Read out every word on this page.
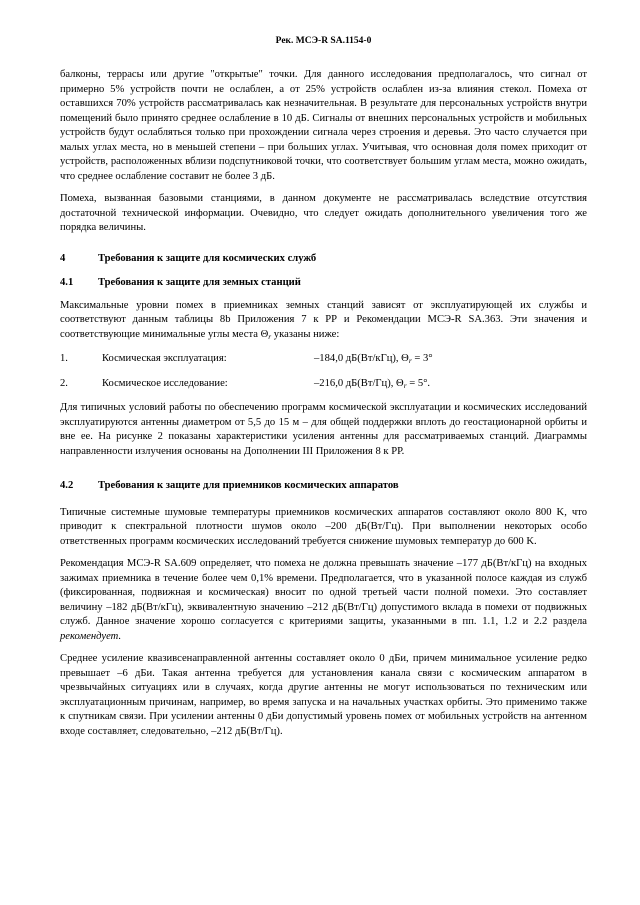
Рек. МСЭ-R SA.1154-0

балконы, террасы или другие "открытые" точки. Для данного исследования предполагалось, что сигнал от примерно 5% устройств почти не ослаблен, а от 25% устройств ослаблен из-за влияния стекол. Помеха от оставшихся 70% устройств рассматривалась как незначительная. В результате для персональных устройств внутри помещений было принято среднее ослабление в 10 дБ. Сигналы от внешних персональных устройств и мобильных устройств будут ослабляться только при прохождении сигнала через строения и деревья. Это часто случается при малых углах места, но в меньшей степени – при больших углах. Учитывая, что основная доля помех приходит от устройств, расположенных вблизи подспутниковой точки, что соответствует большим углам места, можно ожидать, что среднее ослабление составит не более 3 дБ.

Помеха, вызванная базовыми станциями, в данном документе не рассматривалась вследствие отсутствия достаточной технической информации. Очевидно, что следует ожидать дополнительного увеличения того же порядка величины.

4	Требования к защите для космических служб
4.1	Требования к защите для земных станций

Максимальные уровни помех в приемниках земных станций зависят от эксплуатирующей их службы и соответствуют данным таблицы 8b Приложения 7 к РР и Рекомендации МСЭ-R SA.363. Эти значения и соответствующие минимальные углы места $\Theta_r$ указаны ниже:

1.	Космическая эксплуатация:	–184,0 дБ(Вт/кГц), $\Theta_r = 3^\circ$
2.	Космическое исследование:	–216,0 дБ(Вт/Гц), $\Theta_r = 5^\circ$.

Для типичных условий работы по обеспечению программ космической эксплуатации и космических исследований эксплуатируются антенны диаметром от 5,5 до 15 м – для общей поддержки вплоть до геостационарной орбиты и вне ее. На рисунке 2 показаны характеристики усиления антенны для рассматриваемых станций. Диаграммы направленности излучения основаны на Дополнении III Приложения 8 к РР.

4.2	Требования к защите для приемников космических аппаратов

Типичные системные шумовые температуры приемников космических аппаратов составляют около 800 K, что приводит к спектральной плотности шумов около –200 дБ(Вт/Гц). При выполнении некоторых особо ответственных программ космических исследований требуется снижение шумовых температур до 600 K.

Рекомендация МСЭ-R SA.609 определяет, что помеха не должна превышать значение –177 дБ(Вт/кГц) на входных зажимах приемника в течение более чем 0,1% времени. Предполагается, что в указанной полосе каждая из служб (фиксированная, подвижная и космическая) вносит по одной третьей части полной помехи. Это составляет величину –182 дБ(Вт/кГц), эквивалентную значению –212 дБ(Вт/Гц) допустимого вклада в помехи от подвижных служб. Данное значение хорошо согласуется с критериями защиты, указанными в пп. 1.1, 1.2 и 2.2 раздела рекомендует.

Среднее усиление квазивсенаправленной антенны составляет около 0 дБи, причем минимальное усиление редко превышает –6 дБи. Такая антенна требуется для установления канала связи с космическим аппаратом в чрезвычайных ситуациях или в случаях, когда другие антенны не могут использоваться по техническим или эксплуатационным причинам, например, во время запуска и на начальных участках орбиты. Это применимо также к спутникам связи. При усилении антенны 0 дБи допустимый уровень помех от мобильных устройств на антенном входе составляет, следовательно, –212 дБ(Вт/Гц).
